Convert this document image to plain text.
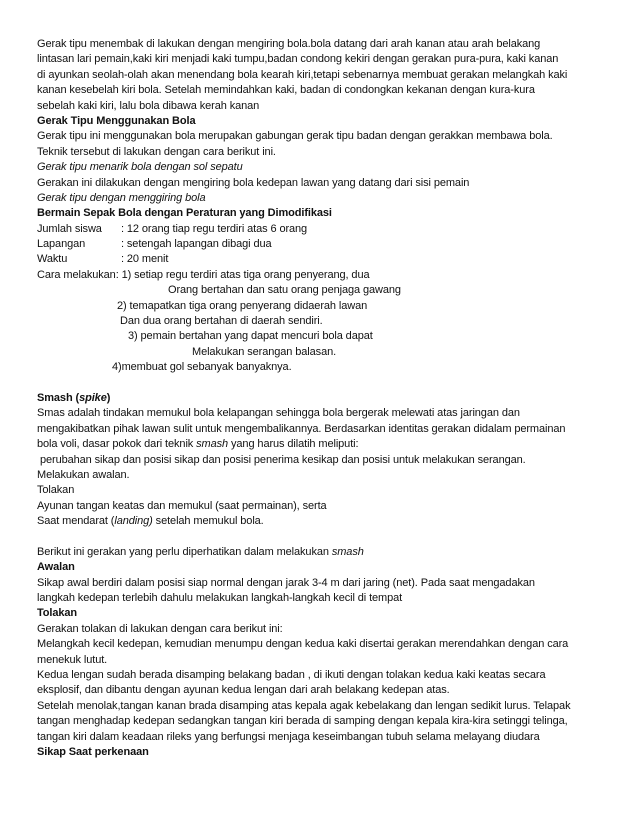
Gerak tipu menembak di lakukan dengan mengiring bola.bola datang dari arah kanan atau arah belakang
lintasan lari pemain,kaki kiri menjadi kaki tumpu,badan condong kekiri dengan gerakan pura-pura, kaki kanan
di ayunkan seolah-olah akan menendang bola kearah kiri,tetapi sebenarnya membuat gerakan melangkah kaki
kanan kesebelah kiri bola. Setelah memindahkan kaki, badan di condongkan kekanan dengan kura-kura
sebelah kaki kiri, lalu bola dibawa kerah kanan
Gerak Tipu Menggunakan Bola
Gerak tipu ini menggunakan bola merupakan gabungan gerak tipu badan dengan gerakkan membawa bola.
Teknik tersebut di lakukan dengan cara berikut ini.
Gerak tipu menarik bola dengan sol sepatu
Gerakan ini dilakukan dengan mengiring bola kedepan lawan yang datang dari sisi pemain
Gerak tipu dengan menggiring bola
Bermain Sepak Bola dengan Peraturan yang Dimodifikasi
Jumlah siswa : 12 orang tiap regu terdiri atas 6 orang
Lapangan	: setengah lapangan dibagi dua
Waktu	: 20 menit
Cara melakukan: 1) setiap regu terdiri atas tiga orang penyerang, dua
Orang bertahan dan satu orang penjaga gawang
2) temapatkan tiga orang penyerang didaerah lawan
Dan dua orang bertahan di daerah sendiri.
3) pemain bertahan yang dapat mencuri bola dapat
Melakukan serangan balasan.
4)membuat gol sebanyak banyaknya.
Smash (spike)
Smas adalah tindakan memukul bola kelapangan sehingga bola bergerak melewati atas jaringan dan
mengakibatkan pihak lawan sulit untuk mengembalikannya. Berdasarkan identitas gerakan didalam permainan
bola voli, dasar pokok dari teknik smash yang harus dilatih meliputi:
perubahan sikap dan posisi sikap dan posisi penerima kesikap dan posisi untuk melakukan serangan.
Melakukan awalan.
Tolakan
Ayunan tangan keatas dan memukul (saat permainan), serta
Saat mendarat (landing) setelah memukul bola.
Berikut ini gerakan yang perlu diperhatikan dalam melakukan smash
Awalan
Sikap awal berdiri dalam posisi siap normal dengan jarak 3-4 m dari jaring (net). Pada saat mengadakan
langkah kedepan terlebih dahulu melakukan langkah-langkah kecil di tempat
Tolakan
Gerakan tolakan di lakukan dengan cara berikut ini:
Melangkah kecil kedepan, kemudian menumpu dengan kedua kaki disertai gerakan merendahkan dengan cara
menekuk lutut.
Kedua lengan sudah berada disamping belakang badan , di ikuti dengan tolakan kedua kaki keatas secara
eksplosif, dan dibantu dengan ayunan kedua lengan dari arah belakang kedepan atas.
Setelah menolak,tangan kanan brada disamping atas kepala agak kebelakang dan lengan sedikit lurus. Telapak
tangan menghadap kedepan sedangkan tangan kiri berada di samping dengan kepala kira-kira setinggi telinga,
tangan kiri dalam keadaan rileks yang berfungsi menjaga keseimbangan tubuh selama melayang diudara
Sikap Saat perkenaan
